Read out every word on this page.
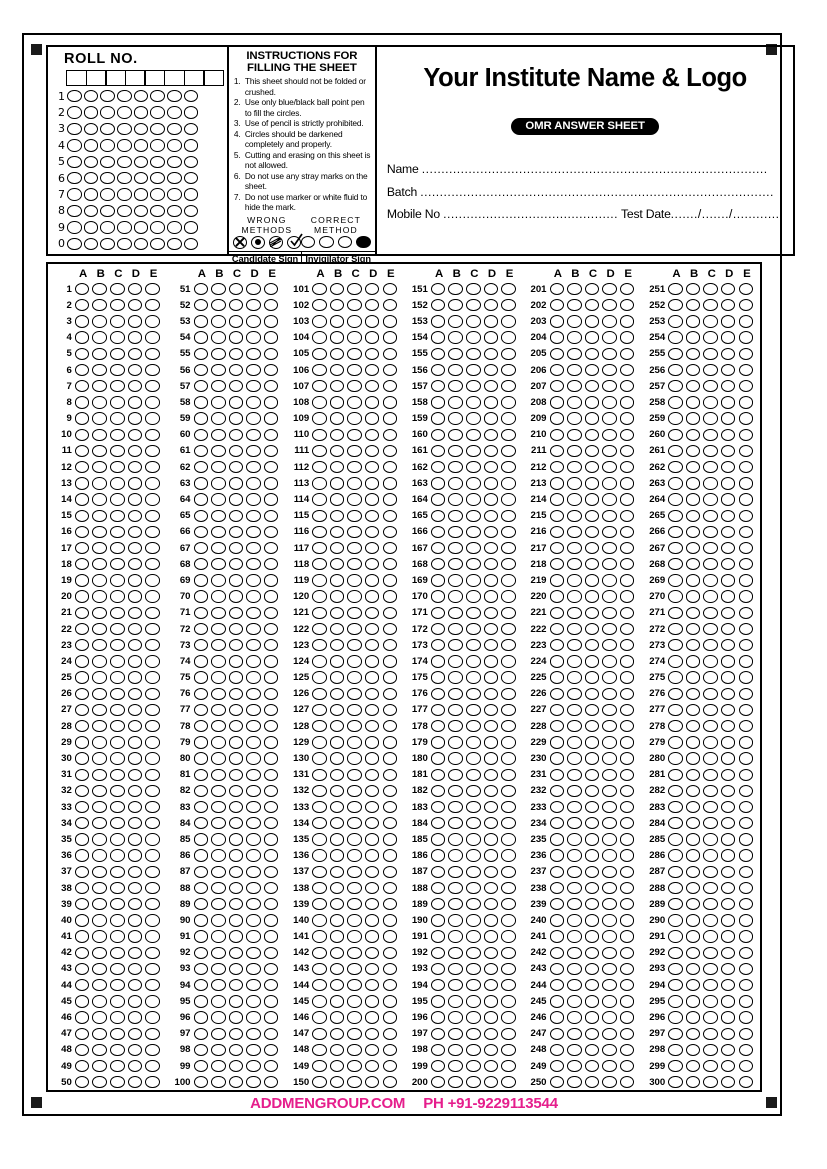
ROLL NO.
1
2
3
4
5
6
7
8
9
0
INSTRUCTIONS FOR FILLING THE SHEET
1. This sheet should not be folded or crushed.
2. Use only blue/black ball point pen to fill the circles.
3. Use of pencil is strictly prohibited.
4. Circles should be darkened completely and properly.
5. Cutting and erasing on this sheet is not allowed.
6. Do not use any stray marks on the sheet.
7. Do not use marker or white fluid to hide the mark.
WRONG METHODS
CORRECT METHOD
Candidate Sign Invigilator Sign
Your Institute Name & Logo
OMR ANSWER SHEET
Name .........................................................................................
Batch ...........................................................................................
Mobile No ............................................. Test Date......./......./.............
A B C D E
1
2
3
4
5
6
7
8
9
10
11
12
13
14
15
16
17
18
19
20
21
22
23
24
25
26
27
28
29
30
31
32
33
34
35
36
37
38
39
40
41
42
43
44
45
46
47
48
49
50
A B C D E
51
52
53
54
55
56
57
58
59
60
61
62
63
64
65
66
67
68
69
70
71
72
73
74
75
76
77
78
79
80
81
82
83
84
85
86
87
88
89
90
91
92
93
94
95
96
97
98
99
100
A B C D E
101
102
103
104
105
106
107
108
109
110
111
112
113
114
115
116
117
118
119
120
121
122
123
124
125
126
127
128
129
130
131
132
133
134
135
136
137
138
139
140
141
142
143
144
145
146
147
148
149
150
A B C D E
151
152
153
154
155
156
157
158
159
160
161
162
163
164
165
166
167
168
169
170
171
172
173
174
175
176
177
178
179
180
181
182
183
184
185
186
187
188
189
190
191
192
193
194
195
196
197
198
199
200
A B C D E
201
202
203
204
205
206
207
208
209
210
211
212
213
214
215
216
217
218
219
220
221
222
223
224
225
226
227
228
229
230
231
232
233
234
235
236
237
238
239
240
241
242
243
244
245
246
247
248
249
250
A B C D E
251
252
253
254
255
256
257
258
259
260
261
262
263
264
265
266
267
268
269
270
271
272
273
274
275
276
277
278
279
280
281
282
283
284
285
286
287
288
289
290
291
292
293
294
295
296
297
298
299
300
ADDMENGROUP.COM PH +91-9229113544
